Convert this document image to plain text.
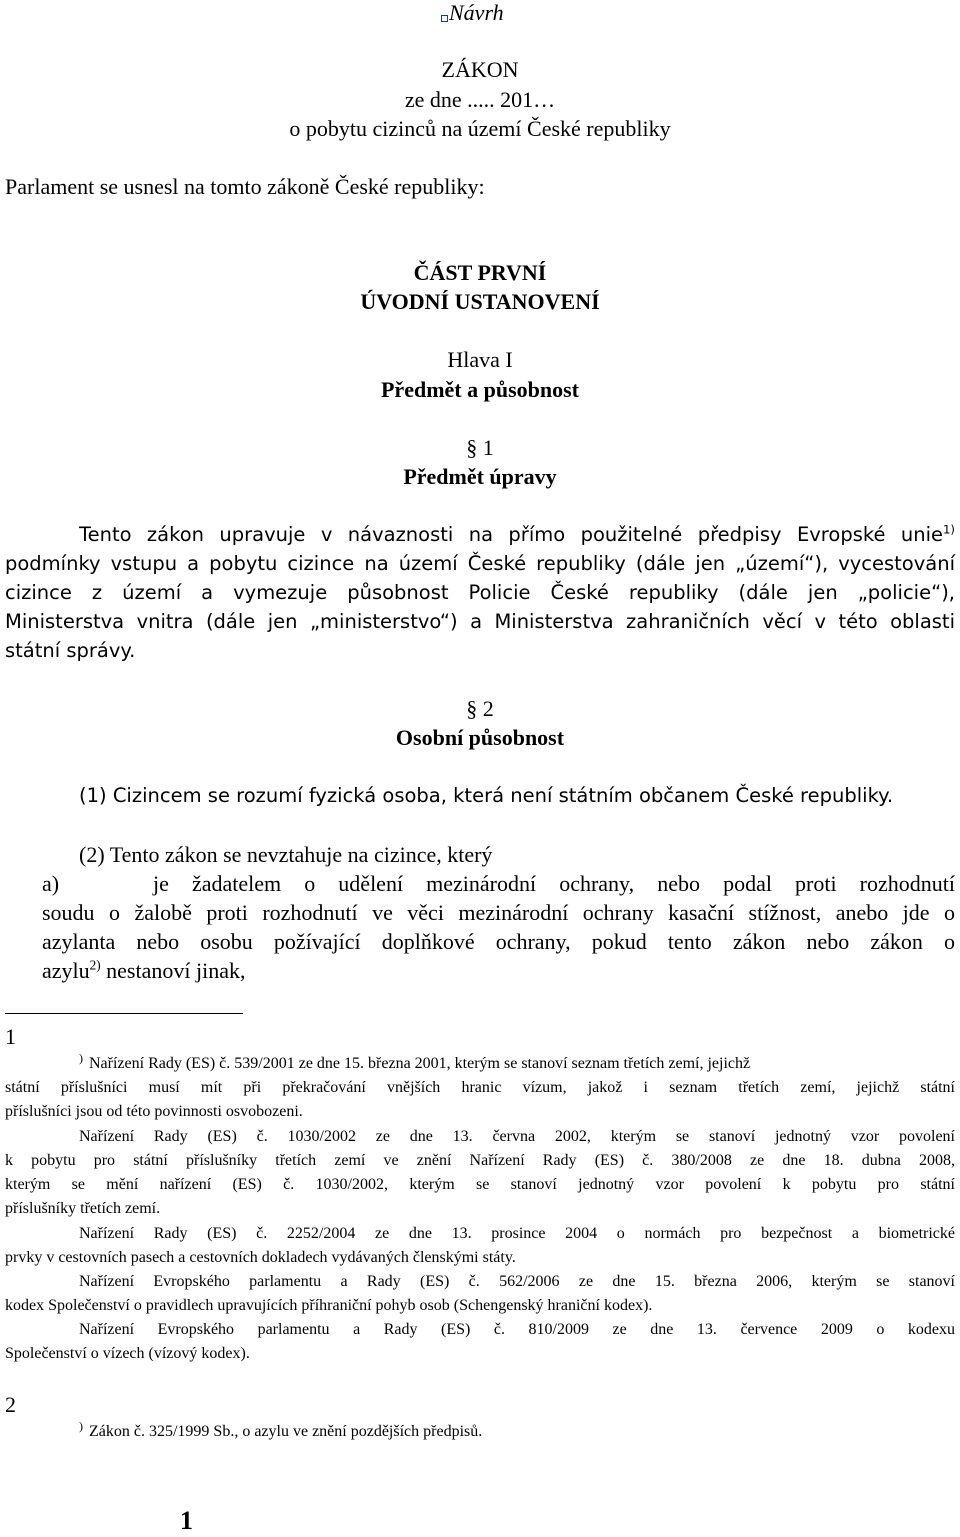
Návrh
ZÁKON
ze dne ..... 201…
o pobytu cizinců na území České republiky
Parlament se usnesl na tomto zákoně České republiky:
ČÁST PRVNÍ
ÚVODNÍ USTANOVENÍ
Hlava I
Předmět a působnost
§ 1
Předmět úpravy
Tento zákon upravuje v návaznosti na přímo použitelné předpisy Evropské unie$^{1)}$
podmínky vstupu a pobytu cizince na území České republiky (dále jen „území“), vycestování
cizince z území a vymezuje působnost Policie České republiky (dále jen „policie“),
Ministerstva vnitra (dále jen „ministerstvo“) a Ministerstva zahraničních věcí v této oblasti
státní správy.
§ 2
Osobní působnost
(1) Cizincem se rozumí fyzická osoba, která není státním občanem České republiky.
(2) Tento zákon se nevztahuje na cizince, který
a)	je žadatelem o udělení mezinárodní ochrany, nebo podal proti rozhodnutí
soudu o žalobě proti rozhodnutí ve věci mezinárodní ochrany kasační stížnost, anebo jde o
azylanta nebo osobu požívající doplňkové ochrany, pokud tento zákon nebo zákon o
azylu$^{2)}$ nestanoví jinak,
1
) Nařízení Rady (ES) č. 539/2001 ze dne 15. března 2001, kterým se stanoví seznam třetích zemí, jejichž
státní příslušníci musí mít při překračování vnějších hranic vízum, jakož i seznam třetích zemí, jejichž státní
příslušníci jsou od této povinnosti osvobozeni.
Nařízení Rady (ES) č. 1030/2002 ze dne 13. června 2002, kterým se stanoví jednotný vzor povolení
k pobytu pro státní příslušníky třetích zemí ve znění Nařízení Rady (ES) č. 380/2008 ze dne 18. dubna 2008,
kterým se mění nařízení (ES) č. 1030/2002, kterým se stanoví jednotný vzor povolení k pobytu pro státní
příslušníky třetích zemí.
Nařízení Rady (ES) č. 2252/2004 ze dne 13. prosince 2004 o normách pro bezpečnost a biometrické
prvky v cestovních pasech a cestovních dokladech vydávaných členskými státy.
Nařízení Evropského parlamentu a Rady (ES) č. 562/2006 ze dne 15. března 2006, kterým se stanoví
kodex Společenství o pravidlech upravujících příhraniční pohyb osob (Schengenský hraniční kodex).
Nařízení Evropského parlamentu a Rady (ES) č. 810/2009 ze dne 13. července 2009 o kodexu
Společenství o vízech (vízový kodex).
2
) Zákon č. 325/1999 Sb., o azylu ve znění pozdějších předpisů.
1
